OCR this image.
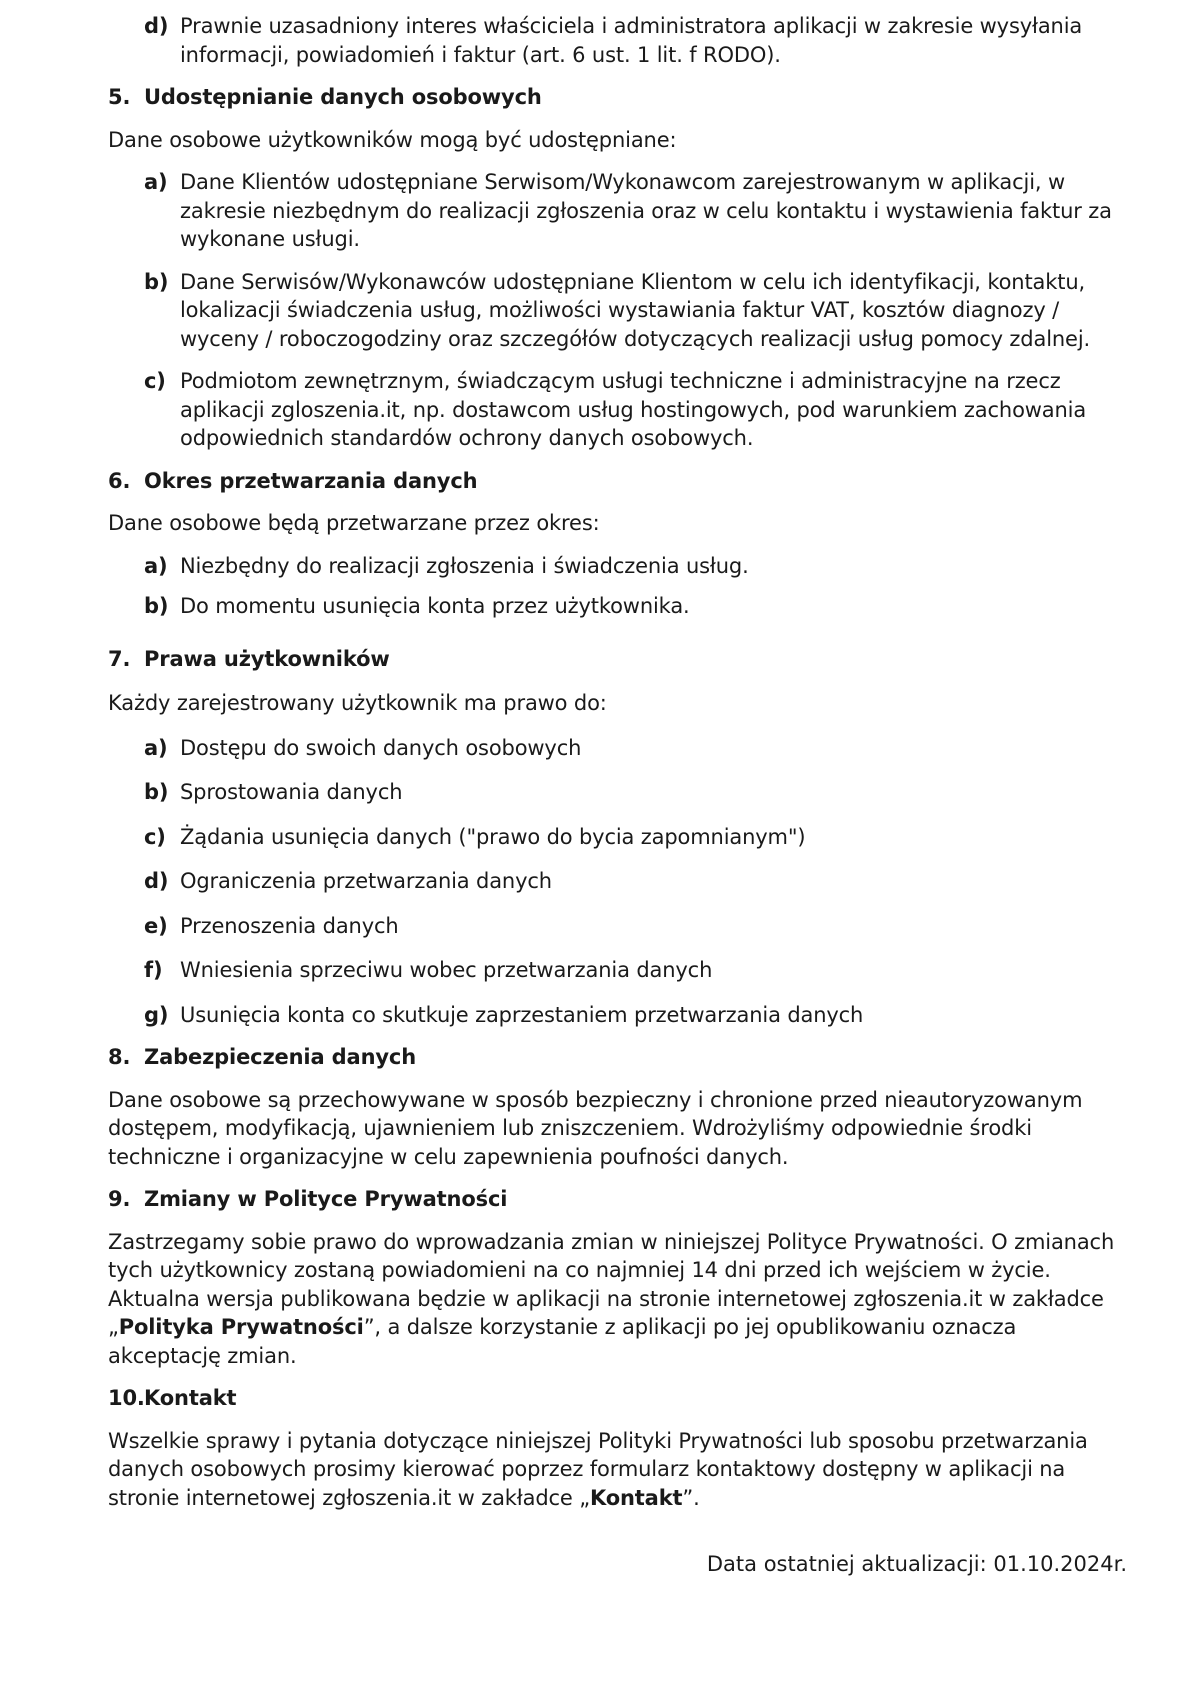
d) Prawnie uzasadniony interes właściciela i administratora aplikacji w zakresie wysyłania informacji, powiadomień i faktur (art. 6 ust. 1 lit. f RODO).
5. Udostępnianie danych osobowych

Dane osobowe użytkowników mogą być udostępniane:

a) Dane Klientów udostępniane Serwisom/Wykonawcom zarejestrowanym w aplikacji, w zakresie niezbędnym do realizacji zgłoszenia oraz w celu kontaktu i wystawienia faktur za wykonane usługi.
b) Dane Serwisów/Wykonawców udostępniane Klientom w celu ich identyfikacji, kontaktu, lokalizacji świadczenia usług, możliwości wystawiania faktur VAT, kosztów diagnozy / wyceny / roboczogodziny oraz szczegółów dotyczących realizacji usług pomocy zdalnej.
c) Podmiotom zewnętrznym, świadczącym usługi techniczne i administracyjne na rzecz aplikacji zgloszenia.it, np. dostawcom usług hostingowych, pod warunkiem zachowania odpowiednich standardów ochrony danych osobowych.
6. Okres przetwarzania danych

Dane osobowe będą przetwarzane przez okres:

a) Niezbędny do realizacji zgłoszenia i świadczenia usług.
b) Do momentu usunięcia konta przez użytkownika.
7. Prawa użytkowników

Każdy zarejestrowany użytkownik ma prawo do:

a) Dostępu do swoich danych osobowych
b) Sprostowania danych
c) Żądania usunięcia danych ("prawo do bycia zapomnianym")
d) Ograniczenia przetwarzania danych
e) Przenoszenia danych
f) Wniesienia sprzeciwu wobec przetwarzania danych
g) Usunięcia konta co skutkuje zaprzestaniem przetwarzania danych
8. Zabezpieczenia danych

Dane osobowe są przechowywane w sposób bezpieczny i chronione przed nieautoryzowanym dostępem, modyfikacją, ujawnieniem lub zniszczeniem. Wdrożyliśmy odpowiednie środki techniczne i organizacyjne w celu zapewnienia poufności danych.

9. Zmiany w Polityce Prywatności

Zastrzegamy sobie prawo do wprowadzania zmian w niniejszej Polityce Prywatności. O zmianach tych użytkownicy zostaną powiadomieni na co najmniej 14 dni przed ich wejściem w życie. Aktualna wersja publikowana będzie w aplikacji na stronie internetowej zgłoszenia.it w zakładce „Polityka Prywatności”, a dalsze korzystanie z aplikacji po jej opublikowaniu oznacza akceptację zmian.

10. Kontakt

Wszelkie sprawy i pytania dotyczące niniejszej Polityki Prywatności lub sposobu przetwarzania danych osobowych prosimy kierować poprzez formularz kontaktowy dostępny w aplikacji na stronie internetowej zgłoszenia.it w zakładce „Kontakt”.

Data ostatniej aktualizacji: 01.10.2024r.
